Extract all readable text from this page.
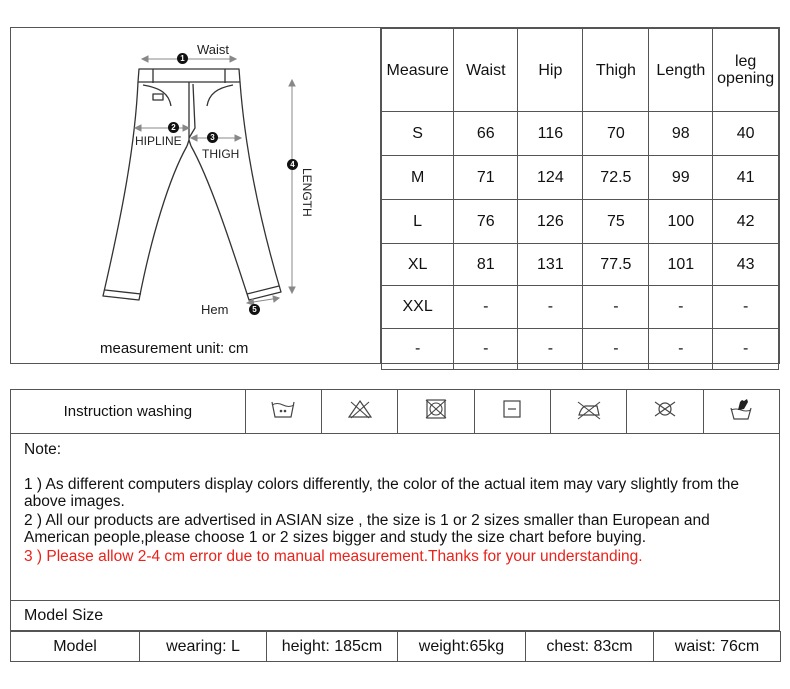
Waist
1
HIPLINE
2
THIGH
3
LENGTH
4
Hem	5
measurement unit: cm
Measure	Waist	Hip	Thigh	Length	leg opening
S	66	116	70	98	40
M	71	124	72.5	99	41
L	76	126	75	100	42
XL	81	131	77.5	101	43
XXL	-	-	-	-	-
-	-	-	-	-	-
Instruction washing							
Note:
1 ) As different computers display colors differently, the color of the actual item may vary slightly from the above images.
2 ) All our products are advertised in ASIAN size , the size is 1 or 2 sizes smaller than European and American people,please choose 1 or 2 sizes bigger and study the size chart before buying.
3 ) Please allow 2-4 cm error due to manual measurement.Thanks for your understanding.
Model Size
Model	wearing: L	height: 185cm	weight:65kg	chest: 83cm	waist: 76cm
